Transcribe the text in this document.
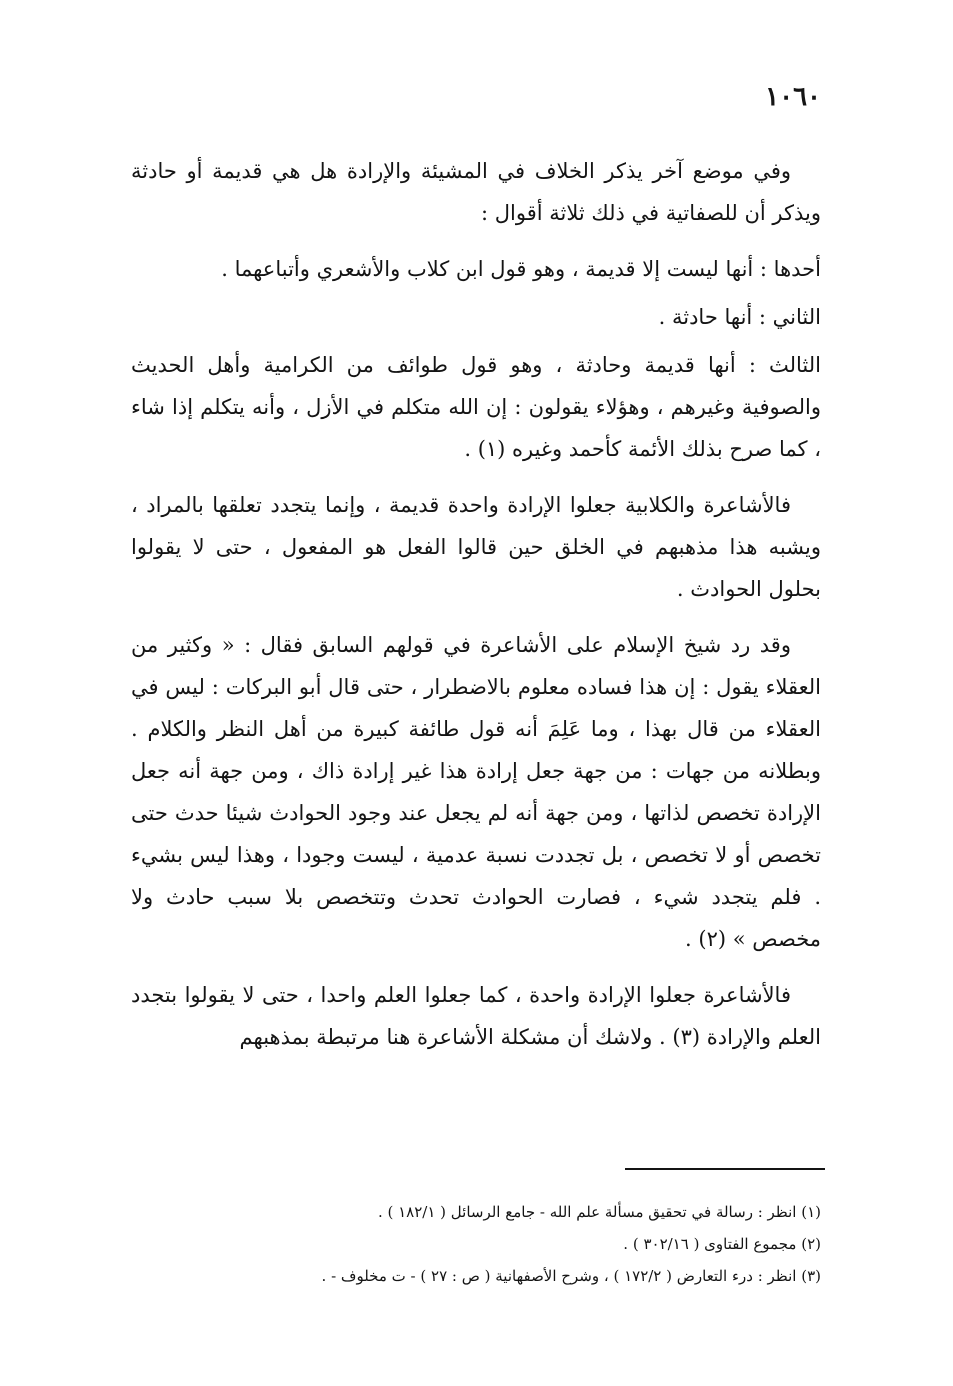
١٠٦٠

وفي موضع آخر يذكر الخلاف في المشيئة والإرادة هل هي قديمة أو حادثة ويذكر أن للصفاتية في ذلك ثلاثة أقوال :

أحدها : أنها ليست إلا قديمة ، وهو قول ابن كلاب والأشعري وأتباعهما .

الثاني : أنها حادثة .

الثالث : أنها قديمة وحادثة ، وهو قول طوائف من الكرامية وأهل الحديث والصوفية وغيرهم ، وهؤلاء يقولون : إن الله متكلم في الأزل ، وأنه يتكلم إذا شاء ، كما صرح بذلك الأئمة كأحمد وغيره (١) .

فالأشاعرة والكلابية جعلوا الإرادة واحدة قديمة ، وإنما يتجدد تعلقها بالمراد ، ويشبه هذا مذهبهم في الخلق حين قالوا الفعل هو المفعول ، حتى لا يقولوا بحلول الحوادث .

وقد رد شيخ الإسلام على الأشاعرة في قولهم السابق فقال : « وكثير من العقلاء يقول : إن هذا فساده معلوم بالاضطرار ، حتى قال أبو البركات : ليس في العقلاء من قال بهذا ، وما عَلِمَ أنه قول طائفة كبيرة من أهل النظر والكلام . وبطلانه من جهات : من جهة جعل إرادة هذا غير إرادة ذاك ، ومن جهة أنه جعل الإرادة تخصص لذاتها ، ومن جهة أنه لم يجعل عند وجود الحوادث شيئا حدث حتى تخصص أو لا تخصص ، بل تجددت نسبة عدمية ، ليست وجودا ، وهذا ليس بشيء . فلم يتجدد شيء ، فصارت الحوادث تحدث وتتخصص بلا سبب حادث ولا مخصص » (٢) .

فالأشاعرة جعلوا الإرادة واحدة ، كما جعلوا العلم واحدا ، حتى لا يقولوا بتجدد العلم والإرادة (٣) . ولاشك أن مشكلة الأشاعرة هنا مرتبطة بمذهبهم

(١) انظر : رسالة في تحقيق مسألة علم الله - جامع الرسائل ( ١٨٢/١ ) .

(٢) مجموع الفتاوى ( ٣٠٢/١٦ ) .

(٣) انظر : درء التعارض ( ١٧٢/٢ ) ، وشرح الأصفهانية ( ص : ٢٧ ) - ت مخلوف - .
